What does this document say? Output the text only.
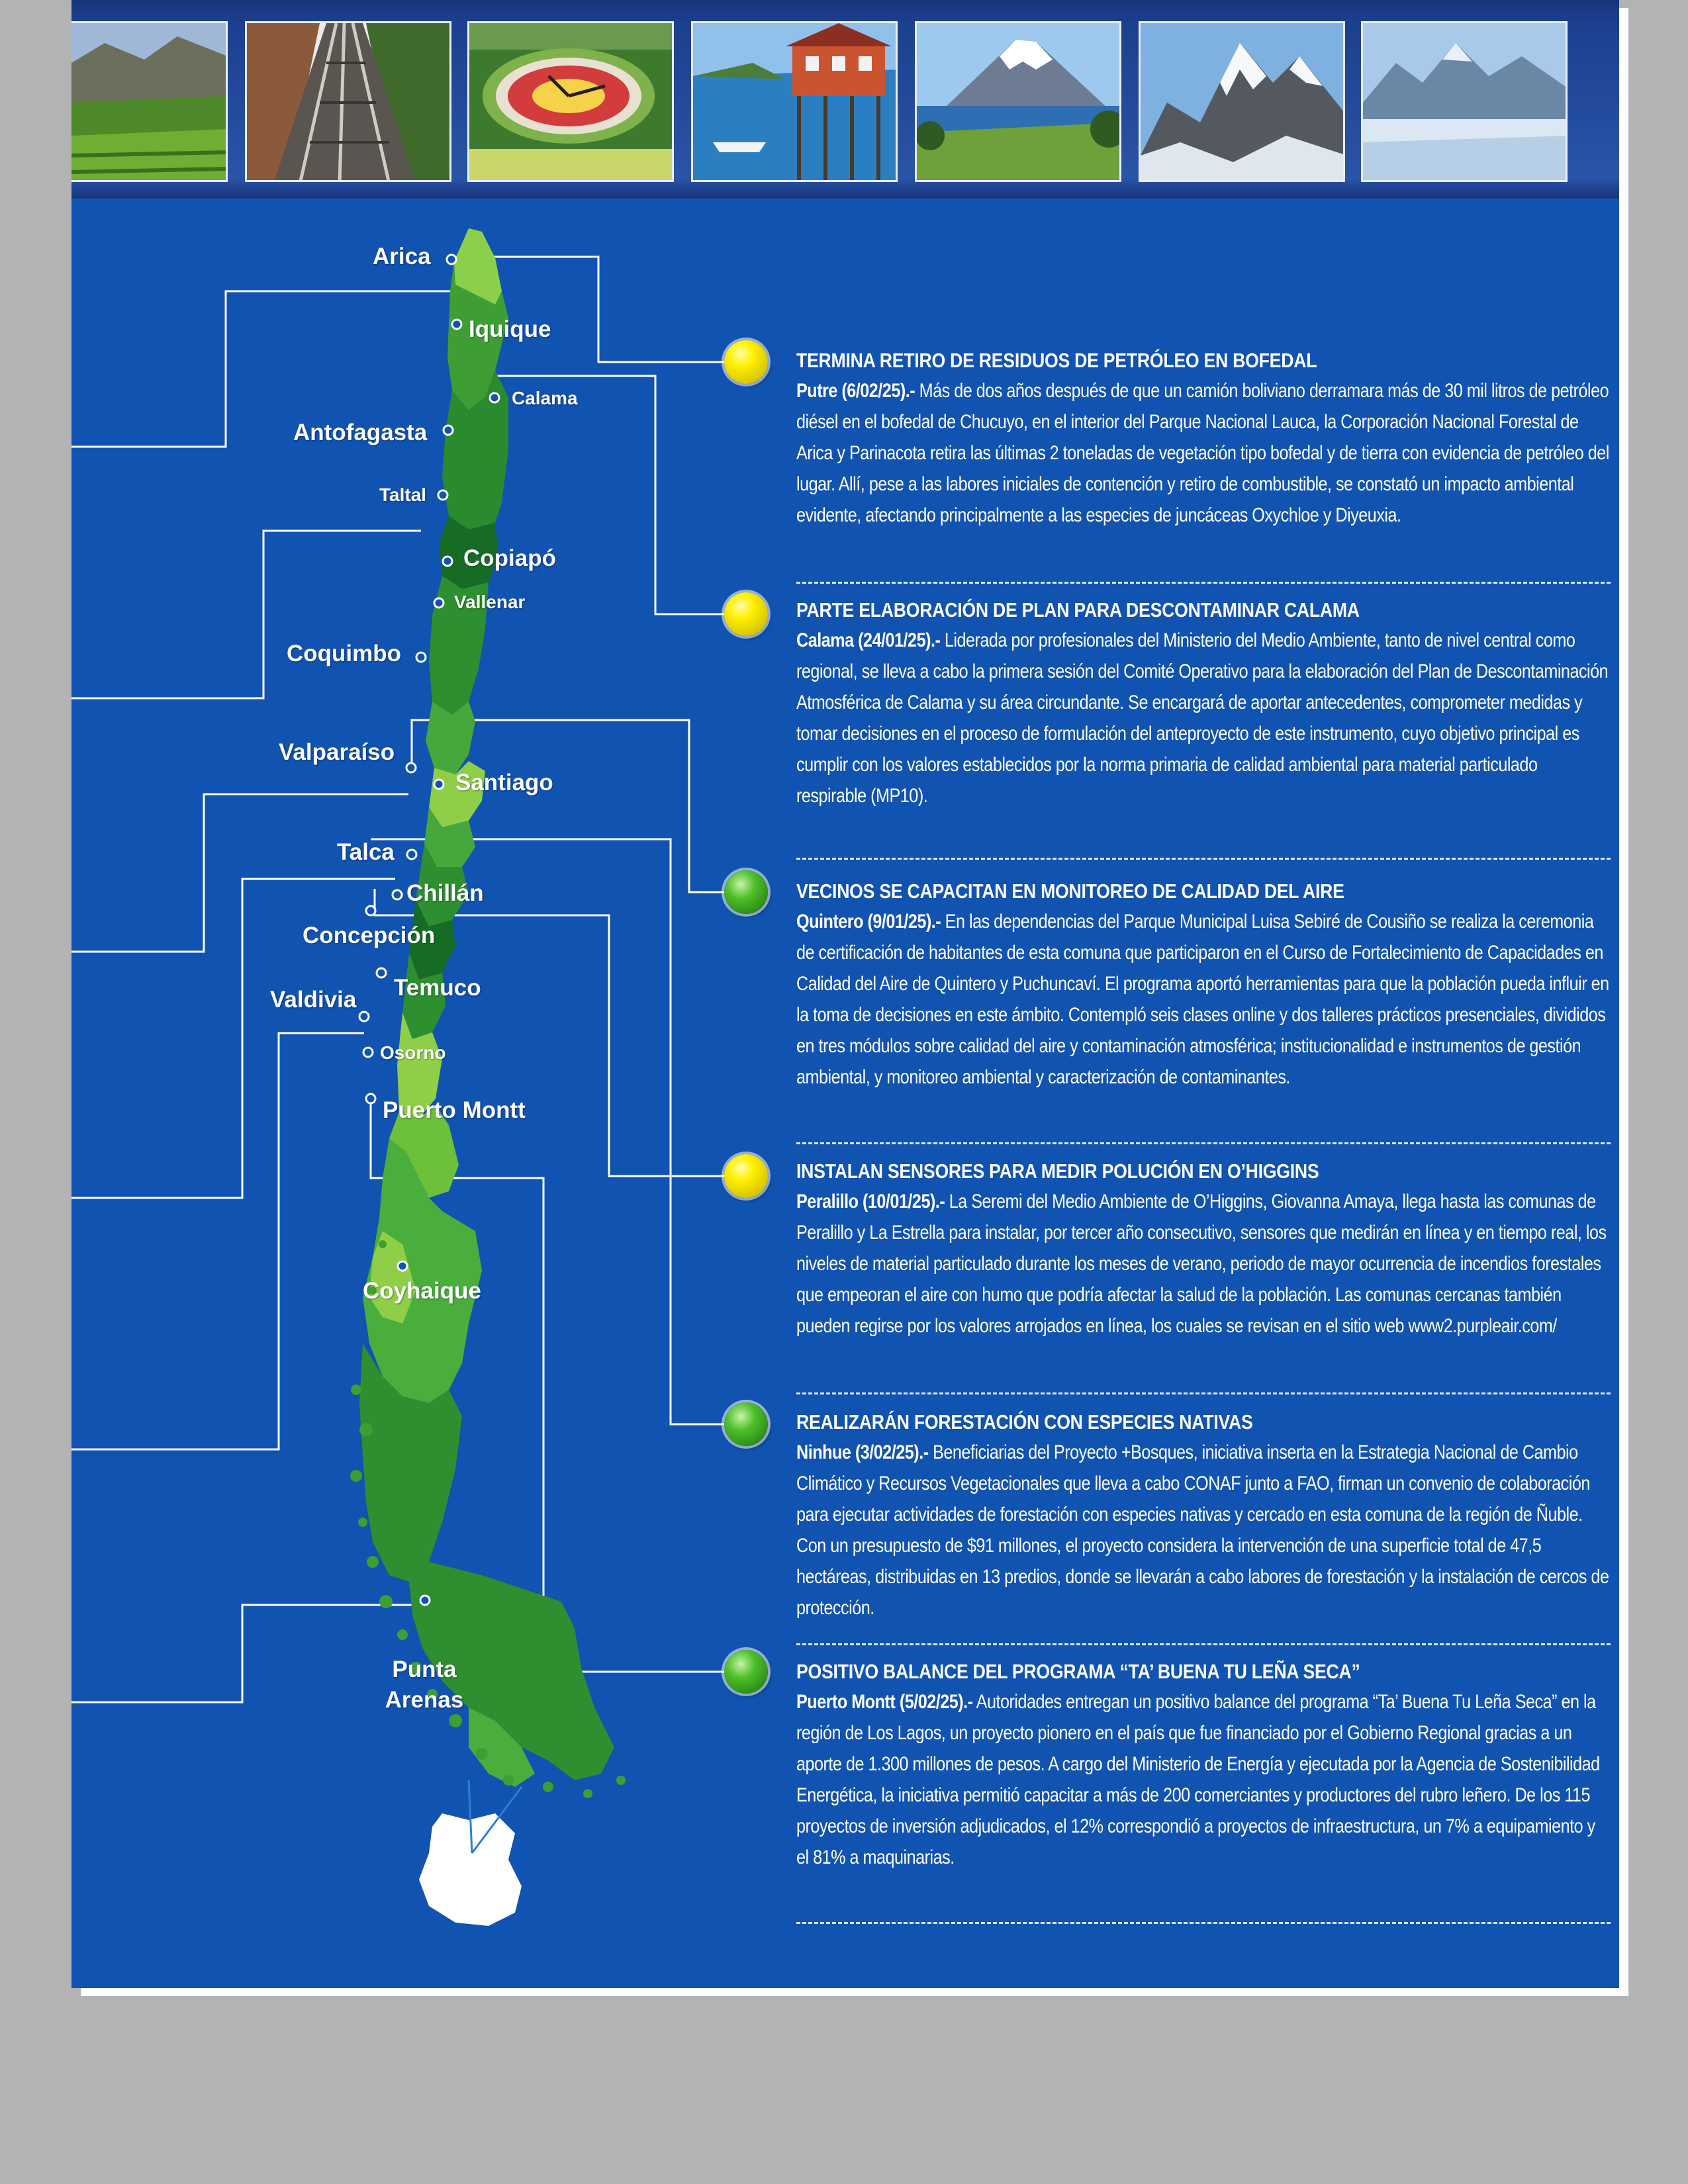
Arica
Iquique
Calama
Antofagasta
Taltal
Copiapó
Vallenar
Coquimbo
Valparaíso
Santiago
Talca
Chillán
Concepción
Temuco
Valdivia
Osorno
Puerto Montt
Coyhaique
Punta Arenas
TERMINA RETIRO DE RESIDUOS DE PETRÓLEO EN BOFEDAL

Putre (6/02/25).- Más de dos años después de que un camión boliviano derramara más de 30 mil litros de petróleo diésel en el bofedal de Chucuyo, en el interior del Parque Nacional Lauca, la Corporación Nacional Forestal de Arica y Parinacota retira las últimas 2 toneladas de vegetación tipo bofedal y de tierra con evidencia de petróleo del lugar. Allí, pese a las labores iniciales de contención y retiro de combustible, se constató un impacto ambiental evidente, afectando principalmente a las especies de juncáceas Oxychloe y Diyeuxia.

PARTE ELABORACIÓN DE PLAN PARA DESCONTAMINAR CALAMA

Calama (24/01/25).- Liderada por profesionales del Ministerio del Medio Ambiente, tanto de nivel central como regional, se lleva a cabo la primera sesión del Comité Operativo para la elaboración del Plan de Descontaminación Atmosférica de Calama y su área circundante. Se encargará de aportar antecedentes, comprometer medidas y tomar decisiones en el proceso de formulación del anteproyecto de este instrumento, cuyo objetivo principal es cumplir con los valores establecidos por la norma primaria de calidad ambiental para material particulado respirable (MP10).

VECINOS SE CAPACITAN EN MONITOREO DE CALIDAD DEL AIRE

Quintero (9/01/25).- En las dependencias del Parque Municipal Luisa Sebiré de Cousiño se realiza la ceremonia de certificación de habitantes de esta comuna que participaron en el Curso de Fortalecimiento de Capacidades en Calidad del Aire de Quintero y Puchuncaví. El programa aportó herramientas para que la población pueda influir en la toma de decisiones en este ámbito. Contempló seis clases online y dos talleres prácticos presenciales, divididos en tres módulos sobre calidad del aire y contaminación atmosférica; institucionalidad e instrumentos de gestión ambiental, y monitoreo ambiental y caracterización de contaminantes.

INSTALAN SENSORES PARA MEDIR POLUCIÓN EN O’HIGGINS

Peralillo (10/01/25).- La Seremi del Medio Ambiente de O’Higgins, Giovanna Amaya, llega hasta las comunas de Peralillo y La Estrella para instalar, por tercer año consecutivo, sensores que medirán en línea y en tiempo real, los niveles de material particulado durante los meses de verano, periodo de mayor ocurrencia de incendios forestales que empeoran el aire con humo que podría afectar la salud de la población. Las comunas cercanas también pueden regirse por los valores arrojados en línea, los cuales se revisan en el sitio web www2.purpleair.com/

REALIZARÁN FORESTACIÓN CON ESPECIES NATIVAS

Ninhue (3/02/25).- Beneficiarias del Proyecto +Bosques, iniciativa inserta en la Estrategia Nacional de Cambio Climático y Recursos Vegetacionales que lleva a cabo CONAF junto a FAO, firman un convenio de colaboración para ejecutar actividades de forestación con especies nativas y cercado en esta comuna de la región de Ñuble. Con un presupuesto de $91 millones, el proyecto considera la intervención de una superficie total de 47,5 hectáreas, distribuidas en 13 predios, donde se llevarán a cabo labores de forestación y la instalación de cercos de protección.

POSITIVO BALANCE DEL PROGRAMA “TA’ BUENA TU LEÑA SECA”

Puerto Montt (5/02/25).- Autoridades entregan un positivo balance del programa “Ta’ Buena Tu Leña Seca” en la región de Los Lagos, un proyecto pionero en el país que fue financiado por el Gobierno Regional gracias a un aporte de 1.300 millones de pesos. A cargo del Ministerio de Energía y ejecutada por la Agencia de Sostenibilidad Energética, la iniciativa permitió capacitar a más de 200 comerciantes y productores del rubro leñero. De los 115 proyectos de inversión adjudicados, el 12% correspondió a proyectos de infraestructura, un 7% a equipamiento y el 81% a maquinarias.
